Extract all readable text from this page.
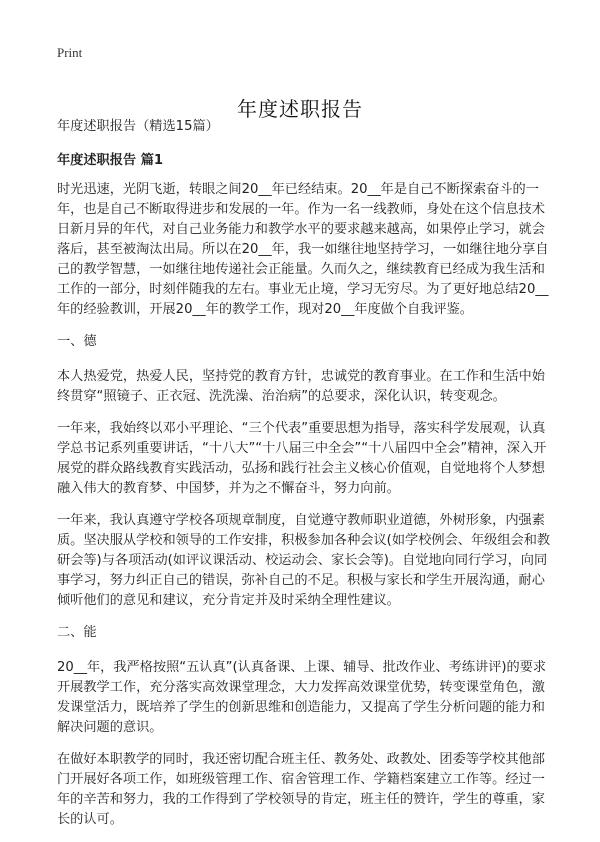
Print
年度述职报告

年度述职报告（精选15篇）

年度述职报告 篇1

时光迅速，光阴飞逝，转眼之间20__年已经结束。20__年是自己不断探索奋斗的一年，也是自己不断取得进步和发展的一年。作为一名一线教师，身处在这个信息技术日新月异的年代，对自己业务能力和教学水平的要求越来越高，如果停止学习，就会落后，甚至被淘汰出局。所以在20__年，我一如继往地坚持学习，一如继往地分享自己的教学智慧，一如继往地传递社会正能量。久而久之，继续教育已经成为我生活和工作的一部分，时刻伴随我的左右。事业无止境，学习无穷尽。为了更好地总结20__年的经验教训，开展20__年的教学工作，现对20__年度做个自我评鉴。

一、德

本人热爱党，热爱人民，坚持党的教育方针，忠诚党的教育事业。在工作和生活中始终贯穿“照镜子、正衣冠、洗洗澡、治治病”的总要求，深化认识，转变观念。

一年来，我始终以邓小平理论、“三个代表”重要思想为指导，落实科学发展观，认真学总书记系列重要讲话，“十八大”“十八届三中全会”“十八届四中全会”精神，深入开展党的群众路线教育实践活动，弘扬和践行社会主义核心价值观，自觉地将个人梦想融入伟大的教育梦、中国梦，并为之不懈奋斗，努力向前。

一年来，我认真遵守学校各项规章制度，自觉遵守教师职业道德，外树形象，内强素质。坚决服从学校和领导的工作安排，积极参加各种会议(如学校例会、年级组会和教研会等)与各项活动(如评议课活动、校运动会、家长会等)。自觉地向同行学习，向同事学习，努力纠正自己的错误，弥补自己的不足。积极与家长和学生开展沟通，耐心倾听他们的意见和建议，充分肯定并及时采纳全理性建议。

二、能

20__年，我严格按照“五认真”(认真备课、上课、辅导、批改作业、考练讲评)的要求开展教学工作，充分落实高效课堂理念，大力发挥高效课堂优势，转变课堂角色，激发课堂活力，既培养了学生的创新思维和创造能力，又提高了学生分析问题的能力和解决问题的意识。

在做好本职教学的同时，我还密切配合班主任、教务处、政教处、团委等学校其他部门开展好各项工作，如班级管理工作、宿舍管理工作、学籍档案建立工作等。经过一年的辛苦和努力，我的工作得到了学校领导的肯定，班主任的赞许，学生的尊重，家长的认可。
